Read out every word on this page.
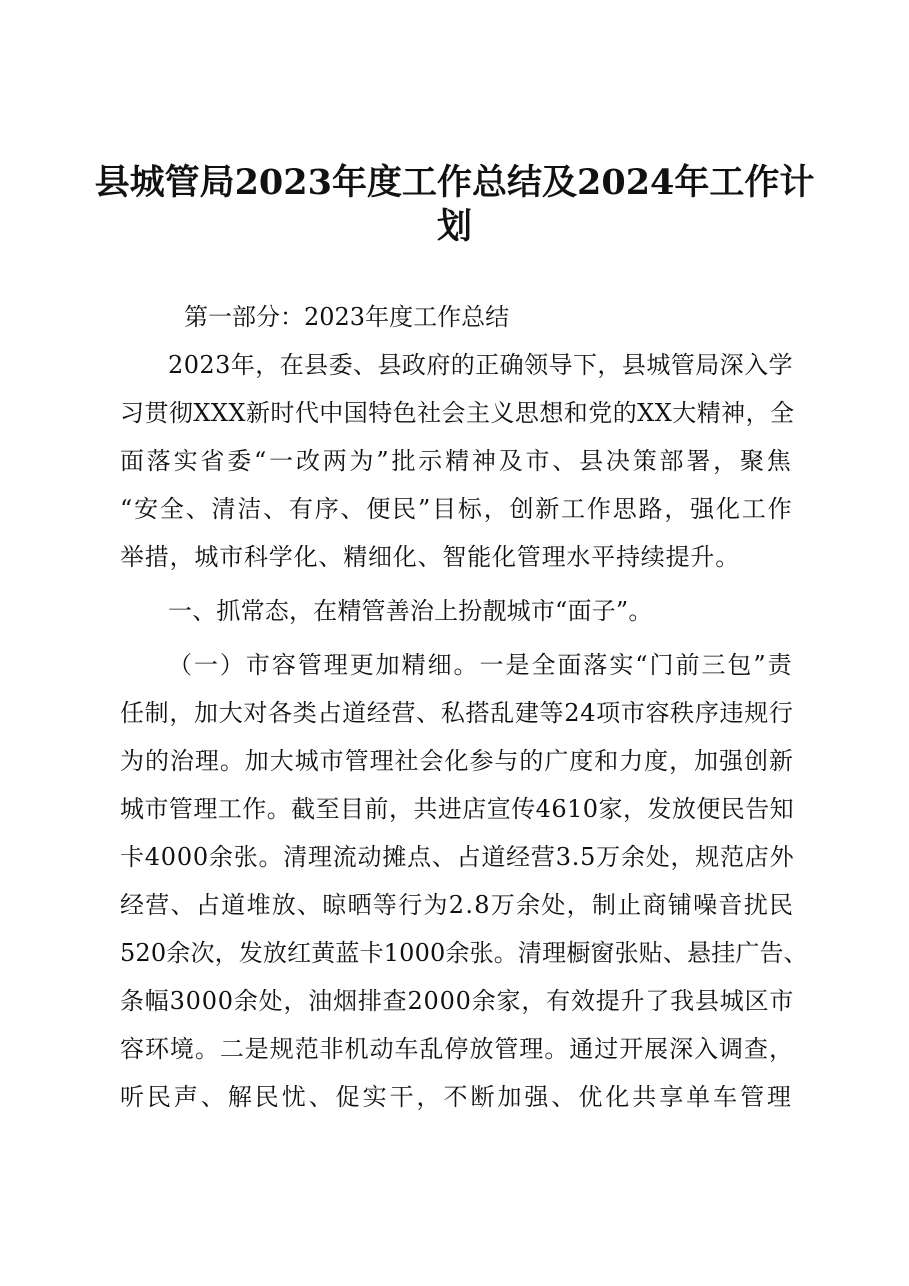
县城管局2023年度工作总结及2024年工作计
划
第一部分：2023年度工作总结
2023年，在县委、县政府的正确领导下，县城管局深入学
习贯彻XXX新时代中国特色社会主义思想和党的XX大精神，全
面落实省委“一改两为”批示精神及市、县决策部署，聚焦
“安全、清洁、有序、便民”目标，创新工作思路，强化工作
举措，城市科学化、精细化、智能化管理水平持续提升。
一、抓常态，在精管善治上扮靓城市“面子”。
（一）市容管理更加精细。一是全面落实“门前三包”责
任制，加大对各类占道经营、私搭乱建等24项市容秩序违规行
为的治理。加大城市管理社会化参与的广度和力度，加强创新
城市管理工作。截至目前，共进店宣传4610家，发放便民告知
卡4000余张。清理流动摊点、占道经营3.5万余处，规范店外
经营、占道堆放、晾晒等行为2.8万余处，制止商铺噪音扰民
520余次，发放红黄蓝卡1000余张。清理橱窗张贴、悬挂广告、
条幅3000余处，油烟排查2000余家，有效提升了我县城区市
容环境。二是规范非机动车乱停放管理。通过开展深入调查，
听民声、解民忧、促实干，不断加强、优化共享单车管理
